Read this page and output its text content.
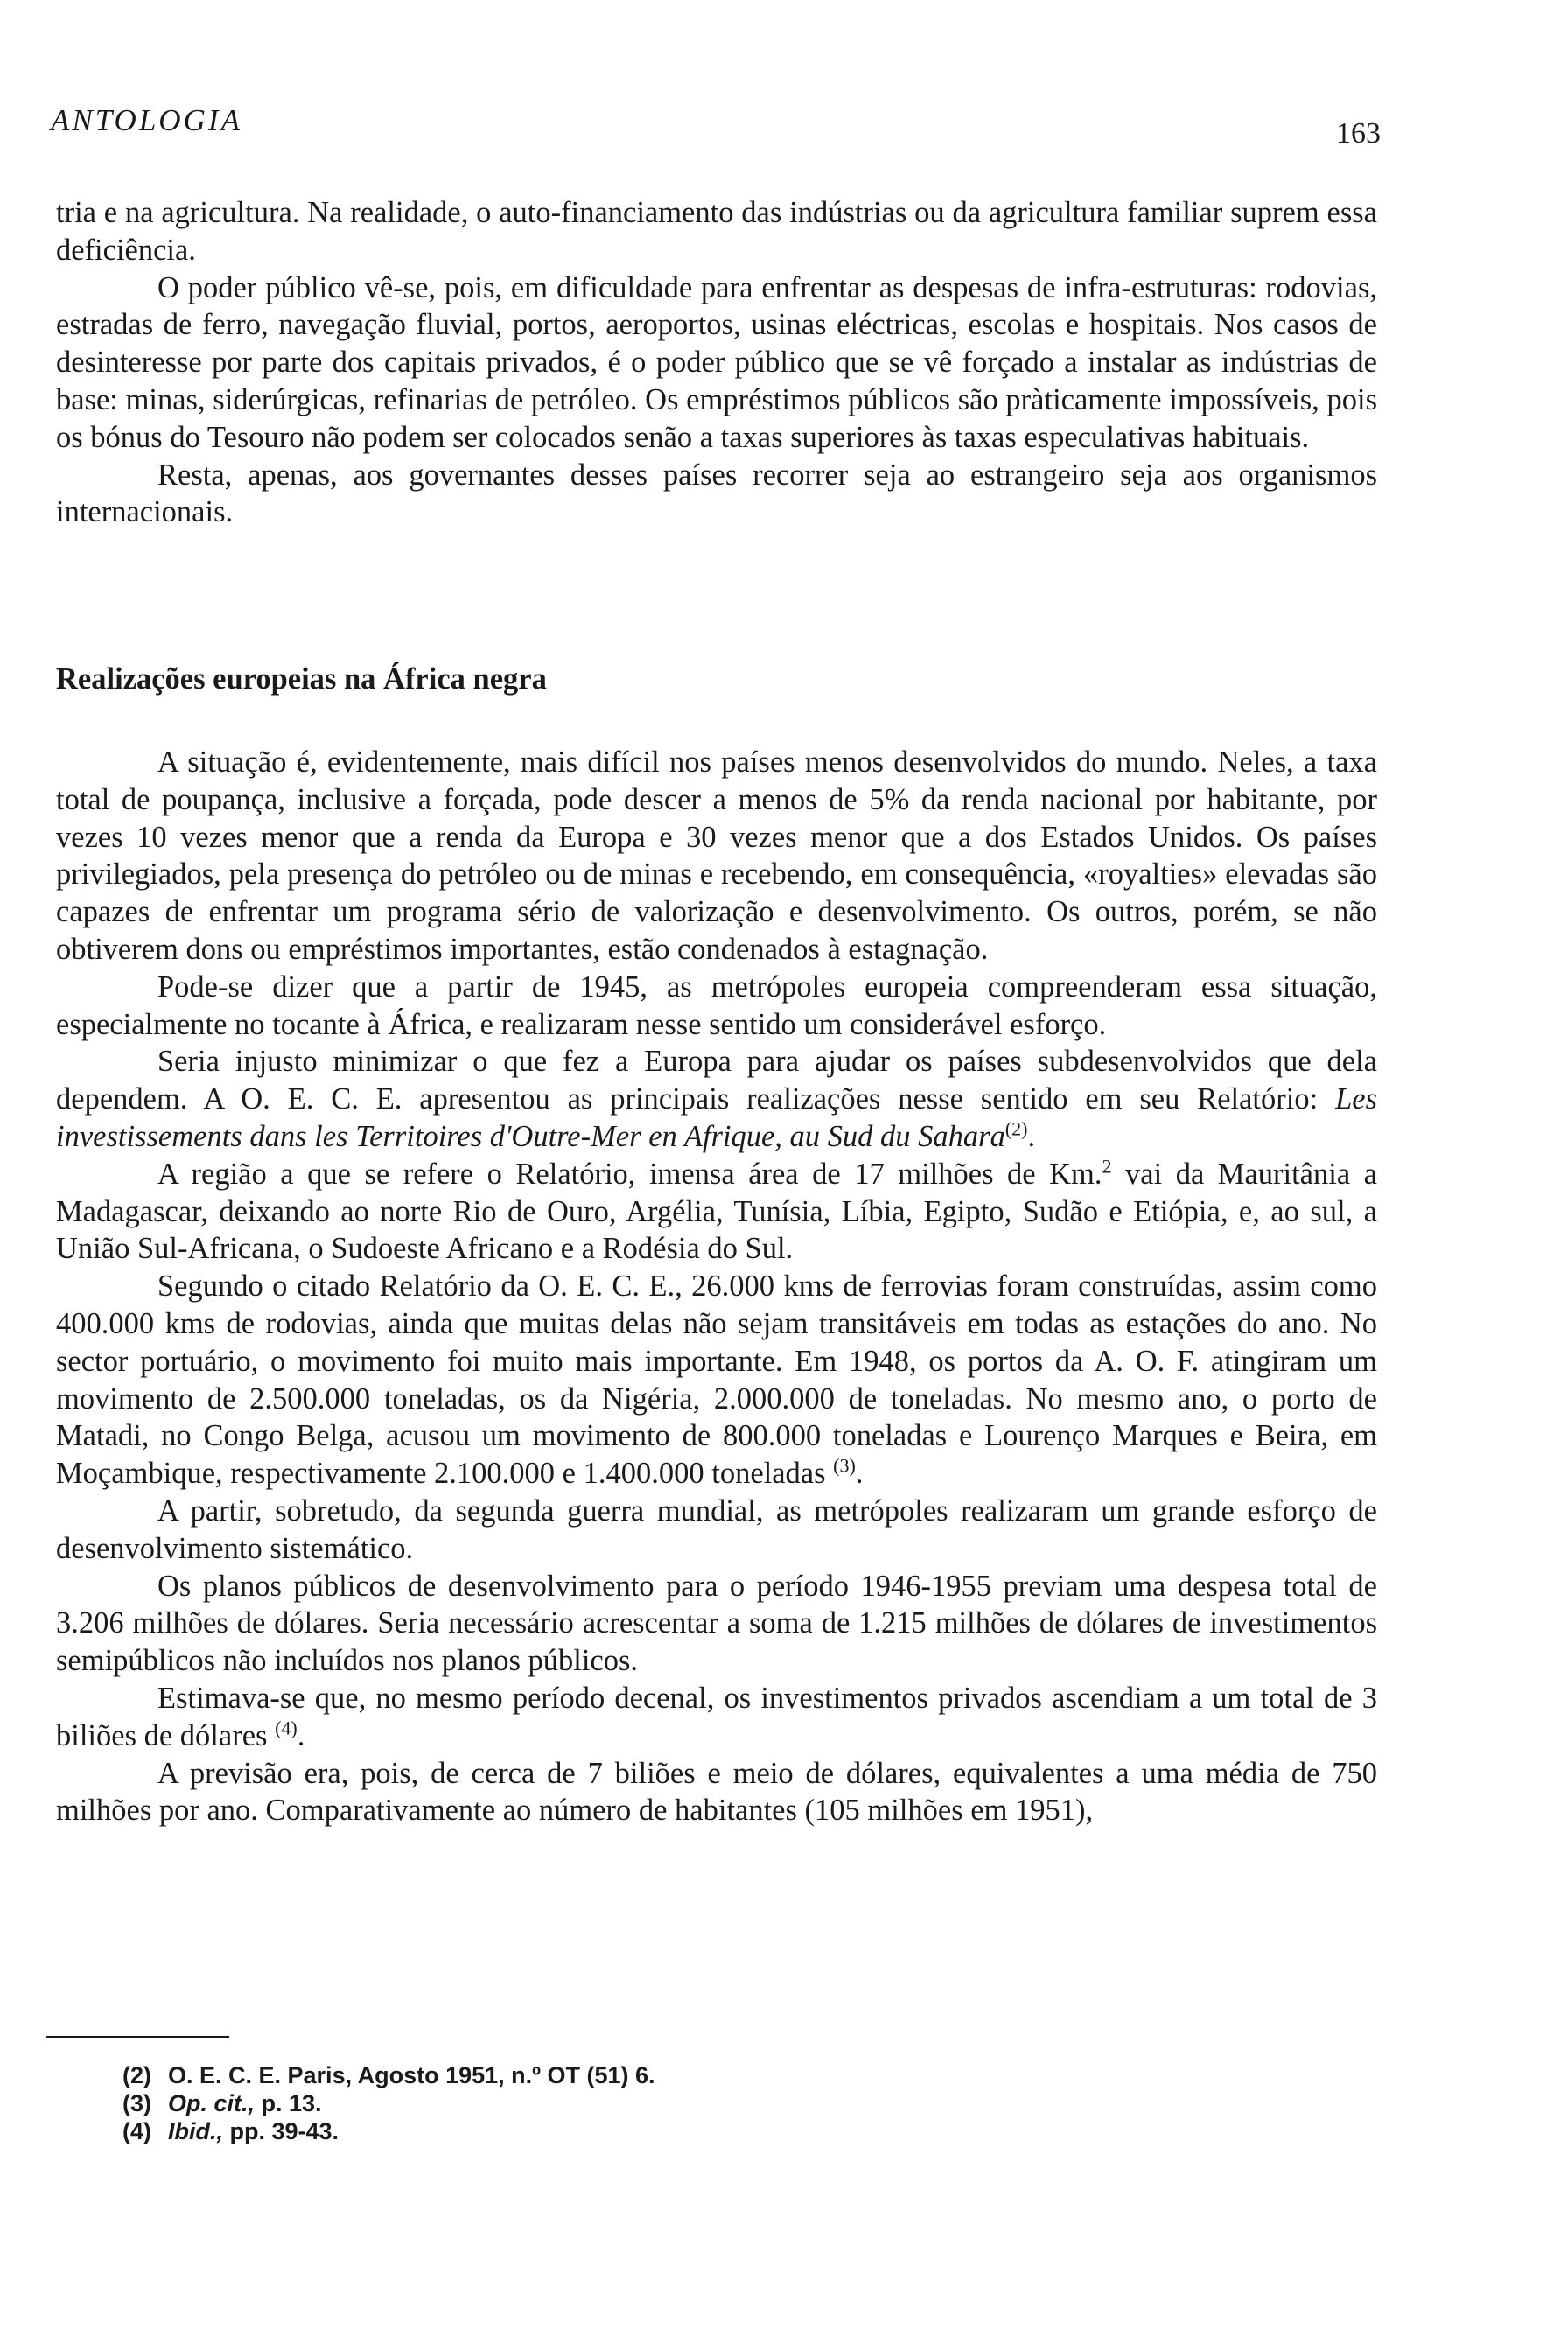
ANTOLOGIA	163

tria e na agricultura. Na realidade, o auto-financiamento das indústrias ou da agricultura familiar suprem essa deficiência.

O poder público vê-se, pois, em dificuldade para enfrentar as despesas de infra-estruturas: rodovias, estradas de ferro, navegação fluvial, portos, aeroportos, usinas eléctricas, escolas e hospitais. Nos casos de desinteresse por parte dos capitais privados, é o poder público que se vê forçado a instalar as indústrias de base: minas, siderúrgicas, refinarias de petróleo. Os empréstimos públicos são pràticamente impossíveis, pois os bónus do Tesouro não podem ser colocados senão a taxas superiores às taxas especulativas habituais.

Resta, apenas, aos governantes desses países recorrer seja ao estrangeiro seja aos organismos internacionais.

Realizações europeias na África negra

A situação é, evidentemente, mais difícil nos países menos desenvolvidos do mundo. Neles, a taxa total de poupança, inclusive a forçada, pode descer a menos de 5% da renda nacional por habitante, por vezes 10 vezes menor que a renda da Europa e 30 vezes menor que a dos Estados Unidos. Os países privilegiados, pela presença do petróleo ou de minas e recebendo, em consequência, «royalties» elevadas são capazes de enfrentar um programa sério de valorização e desenvolvimento. Os outros, porém, se não obtiverem dons ou empréstimos importantes, estão condenados à estagnação.

Pode-se dizer que a partir de 1945, as metrópoles europeia compreenderam essa situação, especialmente no tocante à África, e realizaram nesse sentido um considerável esforço.

Seria injusto minimizar o que fez a Europa para ajudar os países subdesenvolvidos que dela dependem. A O. E. C. E. apresentou as principais realizações nesse sentido em seu Relatório: Les investissements dans les Territoires d'Outre-Mer en Afrique, au Sud du Sahara$^{(2)}$.

A região a que se refere o Relatório, imensa área de 17 milhões de Km.$^2$ vai da Mauritânia a Madagascar, deixando ao norte Rio de Ouro, Argélia, Tunísia, Líbia, Egipto, Sudão e Etiópia, e, ao sul, a União Sul-Africana, o Sudoeste Africano e a Rodésia do Sul.

Segundo o citado Relatório da O. E. C. E., 26.000 kms de ferrovias foram construídas, assim como 400.000 kms de rodovias, ainda que muitas delas não sejam transitáveis em todas as estações do ano. No sector portuário, o movimento foi muito mais importante. Em 1948, os portos da A. O. F. atingiram um movimento de 2.500.000 toneladas, os da Nigéria, 2.000.000 de toneladas. No mesmo ano, o porto de Matadi, no Congo Belga, acusou um movimento de 800.000 toneladas e Lourenço Marques e Beira, em Moçambique, respectivamente 2.100.000 e 1.400.000 toneladas $^{(3)}$.

A partir, sobretudo, da segunda guerra mundial, as metrópoles realizaram um grande esforço de desenvolvimento sistemático.

Os planos públicos de desenvolvimento para o período 1946-1955 previam uma despesa total de 3.206 milhões de dólares. Seria necessário acrescentar a soma de 1.215 milhões de dólares de investimentos semipúblicos não incluídos nos planos públicos.

Estimava-se que, no mesmo período decenal, os investimentos privados ascendiam a um total de 3 biliões de dólares $^{(4)}$.

A previsão era, pois, de cerca de 7 biliões e meio de dólares, equivalentes a uma média de 750 milhões por ano. Comparativamente ao número de habitantes (105 milhões em 1951),

(2) O. E. C. E. Paris, Agosto 1951, n.º OT (51) 6.
(3) Op. cit., p. 13.
(4) Ibid., pp. 39-43.
